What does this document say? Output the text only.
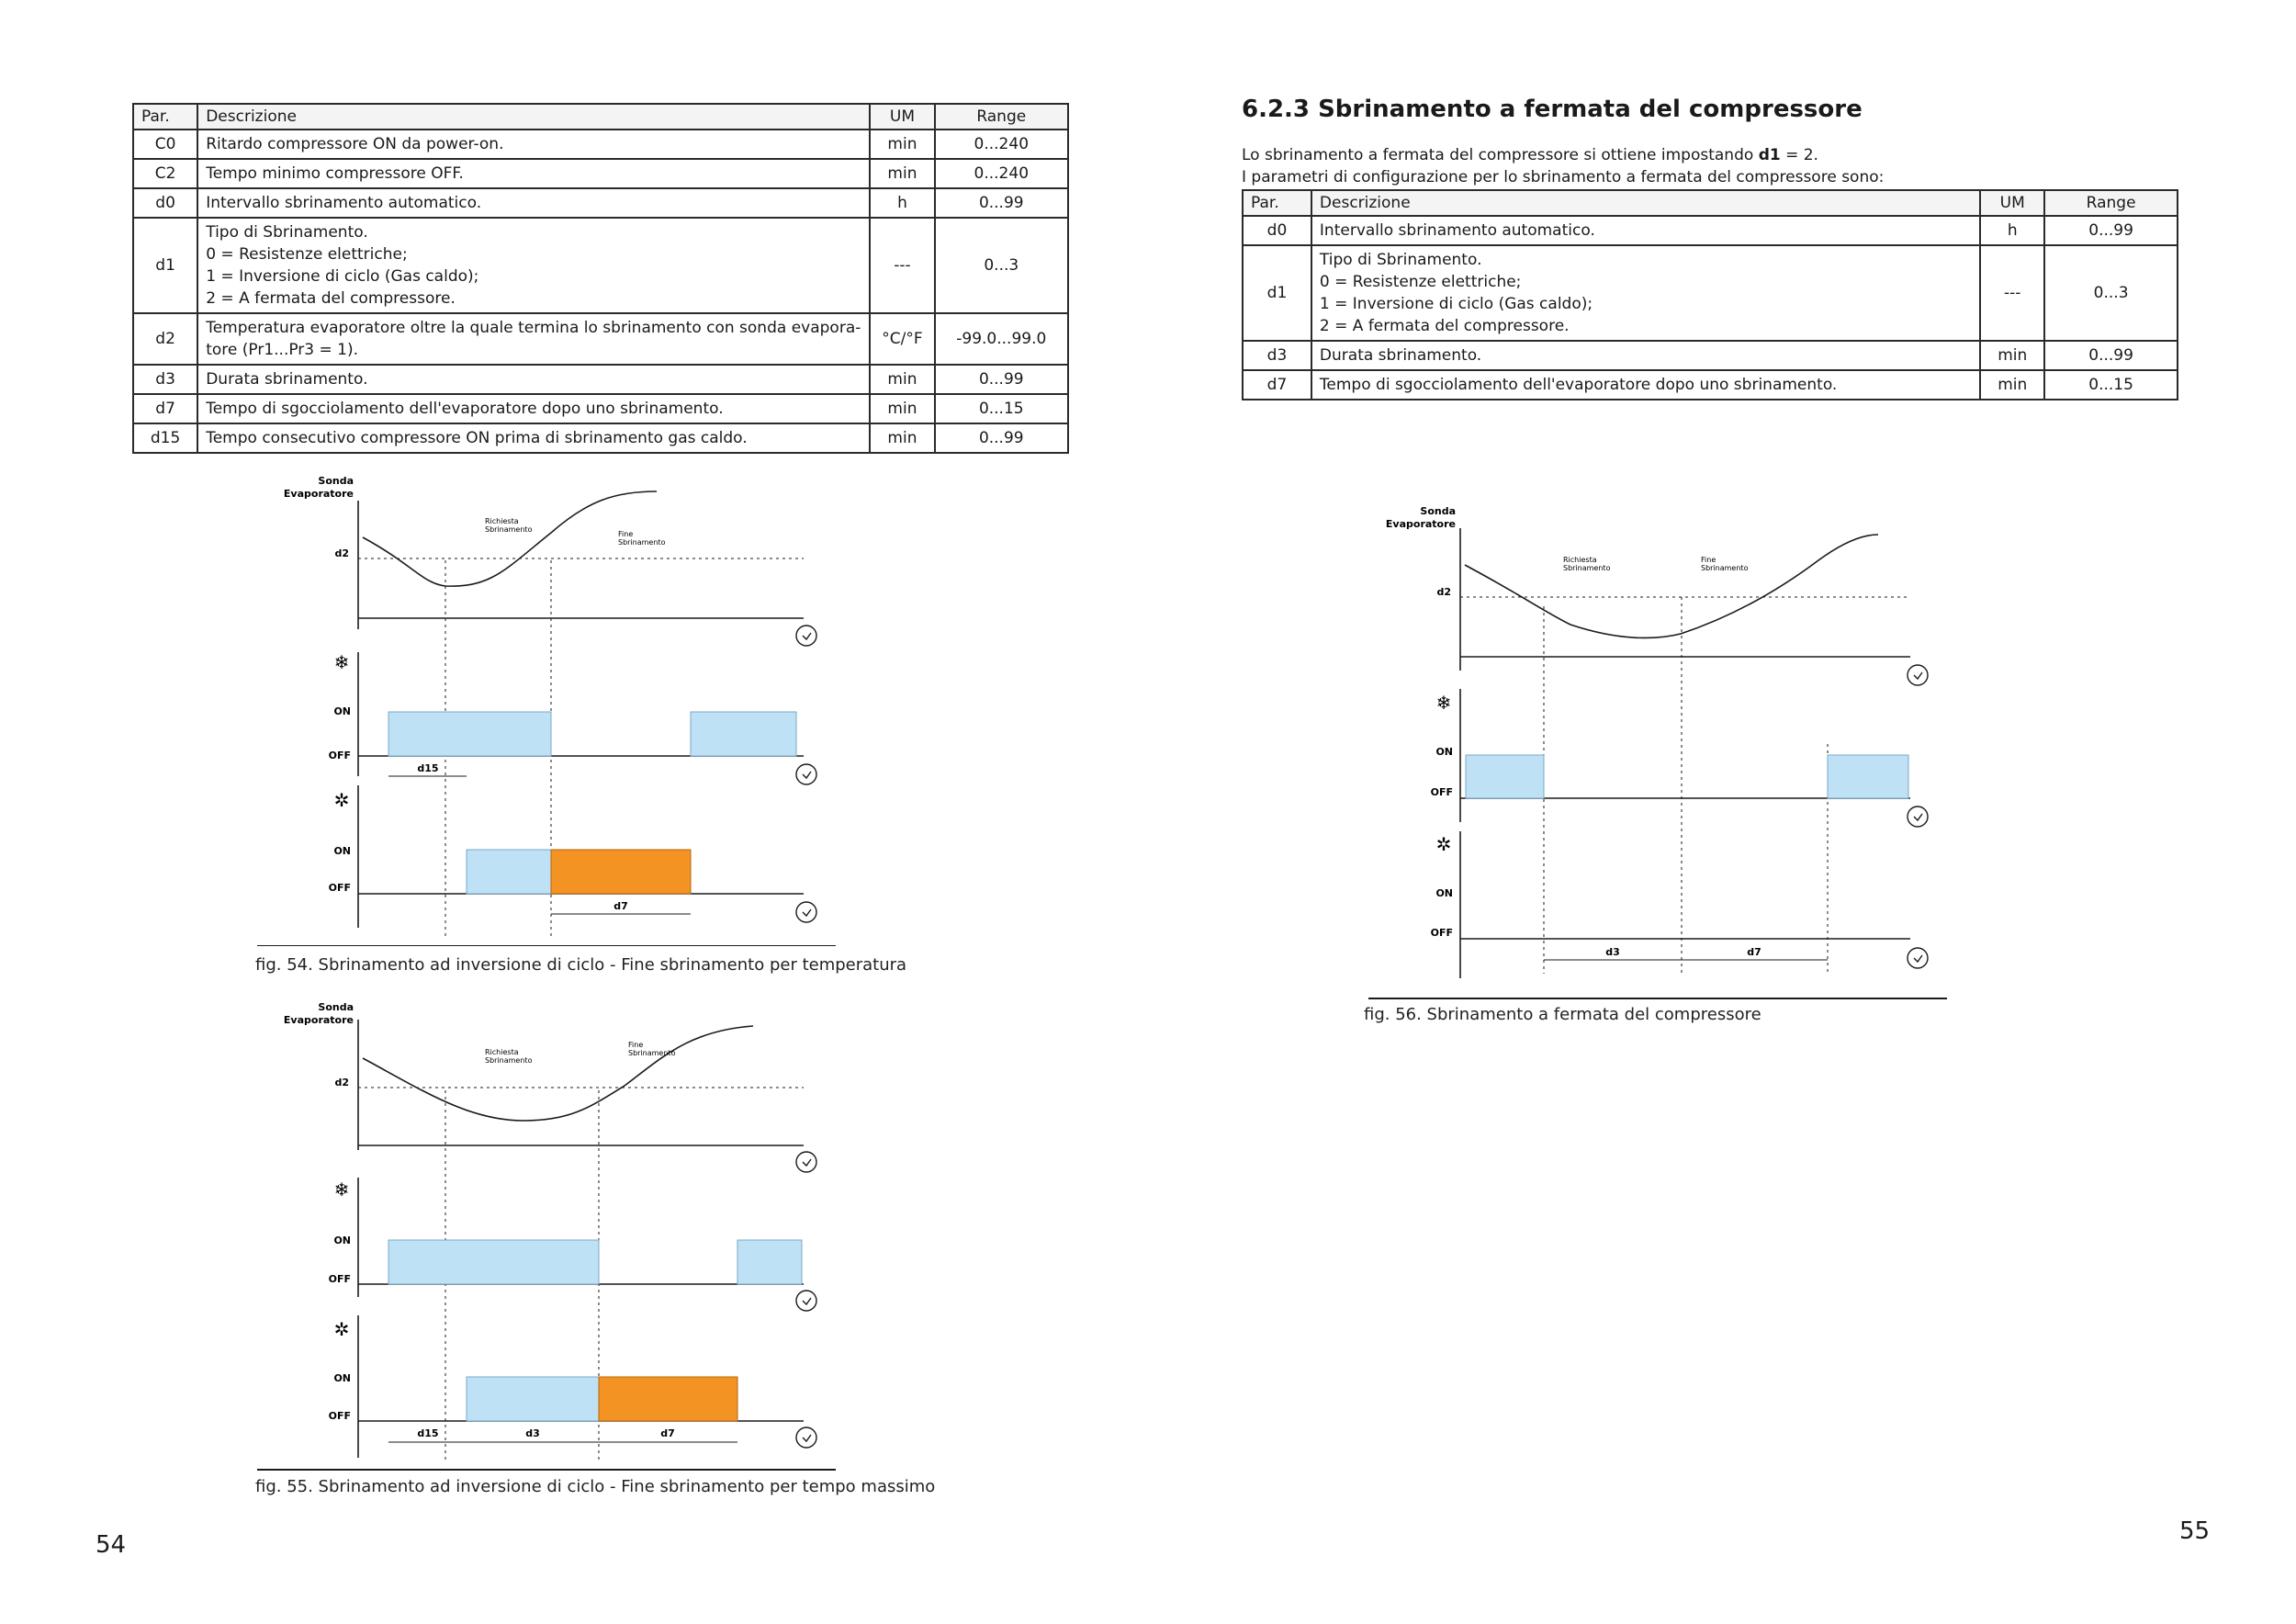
Par.	Descrizione	UM	Range
C0	Ritardo compressore ON da power-on.	min	0...240
C2	Tempo minimo compressore OFF.	min	0...240
d0	Intervallo sbrinamento automatico.	h	0...99
d1	Tipo di Sbrinamento.
0 = Resistenze elettriche;
1 = Inversione di ciclo (Gas caldo);
2 = A fermata del compressore.	---	0...3
d2	Temperatura evaporatore oltre la quale termina lo sbrinamento con sonda evapora-
tore (Pr1...Pr3 = 1).	°C/°F	-99.0...99.0
d3	Durata sbrinamento.	min	0...99
d7	Tempo di sgocciolamento dell'evaporatore dopo uno sbrinamento.	min	0...15
d15	Tempo consecutivo compressore ON prima di sbrinamento gas caldo.	min	0...99
❄
✲
Sonda
Evaporatore
d2
Richiesta
Sbrinamento
Fine
Sbrinamento
ON
OFF
ON
OFF
d15
d7
fig. 54. Sbrinamento ad inversione di ciclo - Fine sbrinamento per temperatura
❄
✲
Sonda
Evaporatore
d2
Richiesta
Sbrinamento
Fine
Sbrinamento
ON
OFF
ON
OFF
d15	d3	d7
fig. 55. Sbrinamento ad inversione di ciclo - Fine sbrinamento per tempo massimo
54
6.2.3 Sbrinamento a fermata del compressore
Lo sbrinamento a fermata del compressore si ottiene impostando d1 = 2.
I parametri di configurazione per lo sbrinamento a fermata del compressore sono:
Par.	Descrizione	UM	Range
d0	Intervallo sbrinamento automatico.	h	0...99
d1	Tipo di Sbrinamento.
0 = Resistenze elettriche;
1 = Inversione di ciclo (Gas caldo);
2 = A fermata del compressore.	---	0...3
d3	Durata sbrinamento.	min	0...99
d7	Tempo di sgocciolamento dell'evaporatore dopo uno sbrinamento.	min	0...15
❄
✲
Sonda
Evaporatore
d2
Richiesta
Sbrinamento
Fine
Sbrinamento
ON
OFF
ON
OFF
d3	d7
fig. 56. Sbrinamento a fermata del compressore
55
